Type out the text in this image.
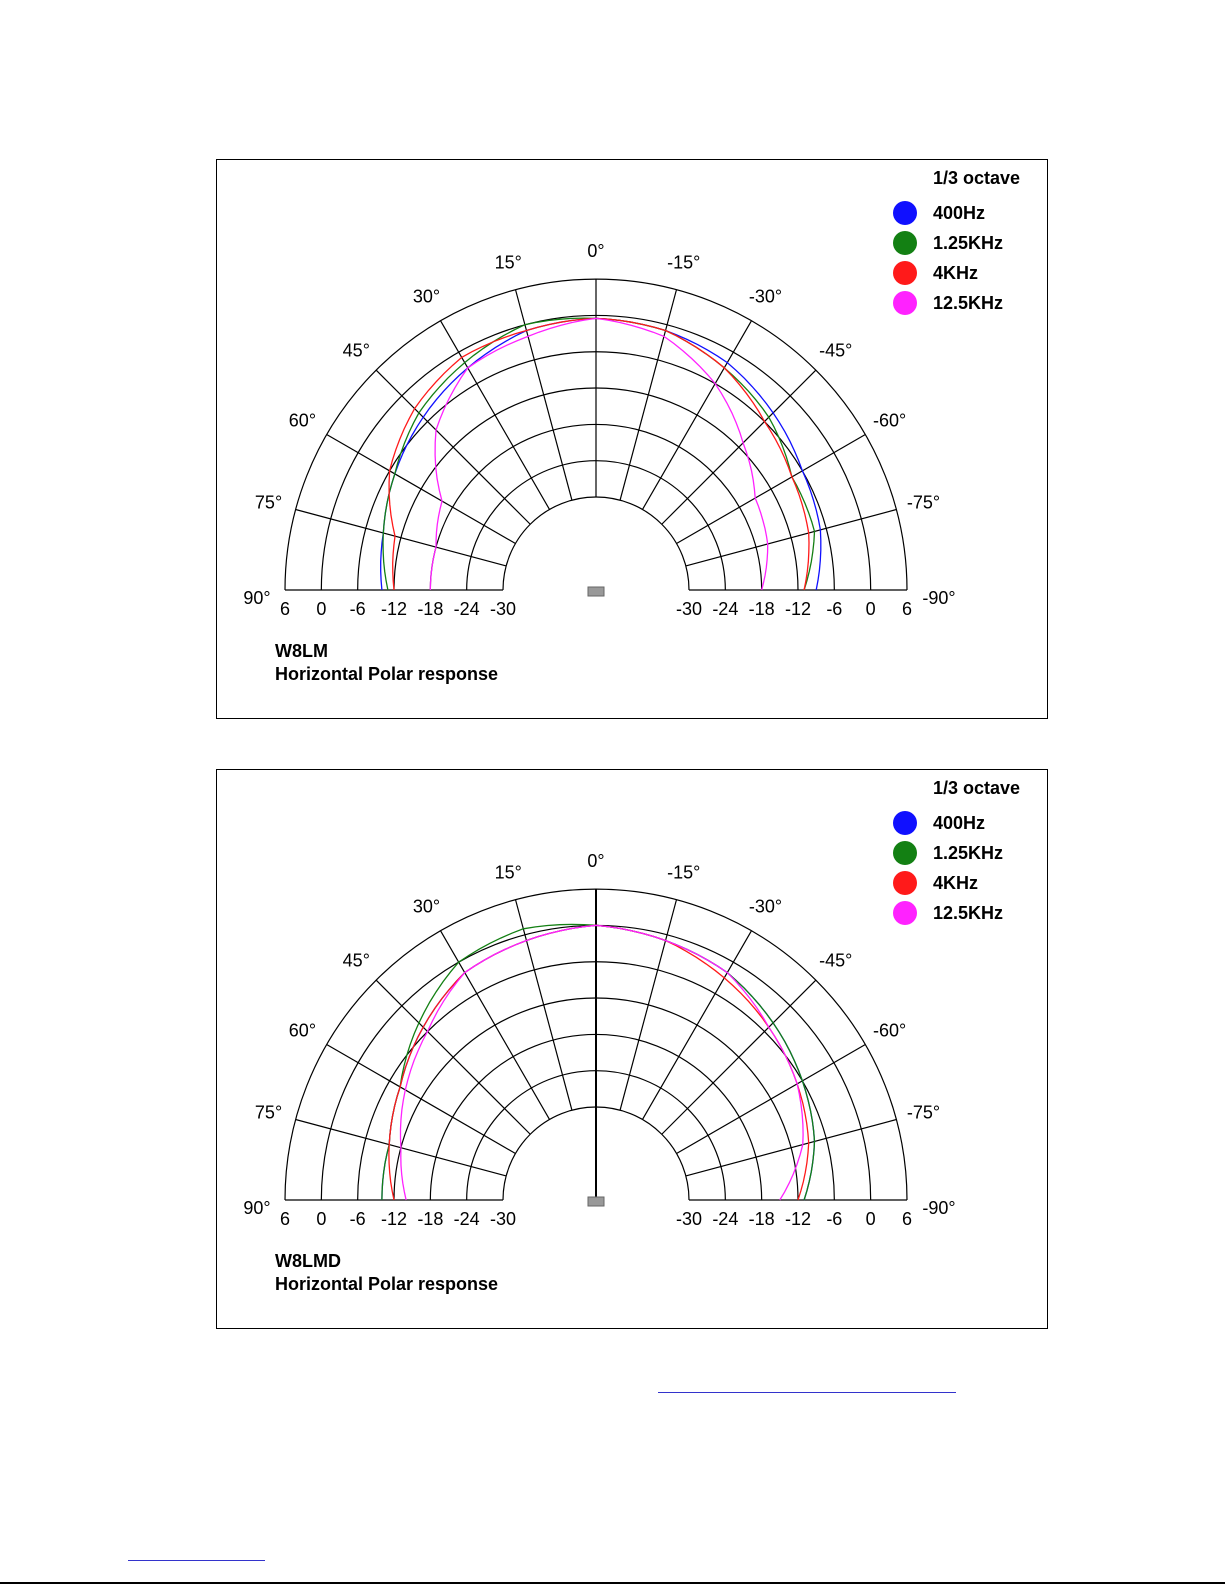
0°
15°
30°
45°
60°
75°
90°
-15°
-30°
-45°
-60°
-75°
-90°
6	6
0	0
-6	-6
-12	-12
-18	-18
-24	-24
-30	-30
1/3 octave
400Hz
1.25KHz
4KHz
12.5KHz
W8LM
Horizontal Polar response
0°
15°
30°
45°
60°
75°
90°
-15°
-30°
-45°
-60°
-75°
-90°
6	6
0	0
-6	-6
-12	-12
-18	-18
-24	-24
-30	-30
1/3 octave
400Hz
1.25KHz
4KHz
12.5KHz
W8LMD
Horizontal Polar response
